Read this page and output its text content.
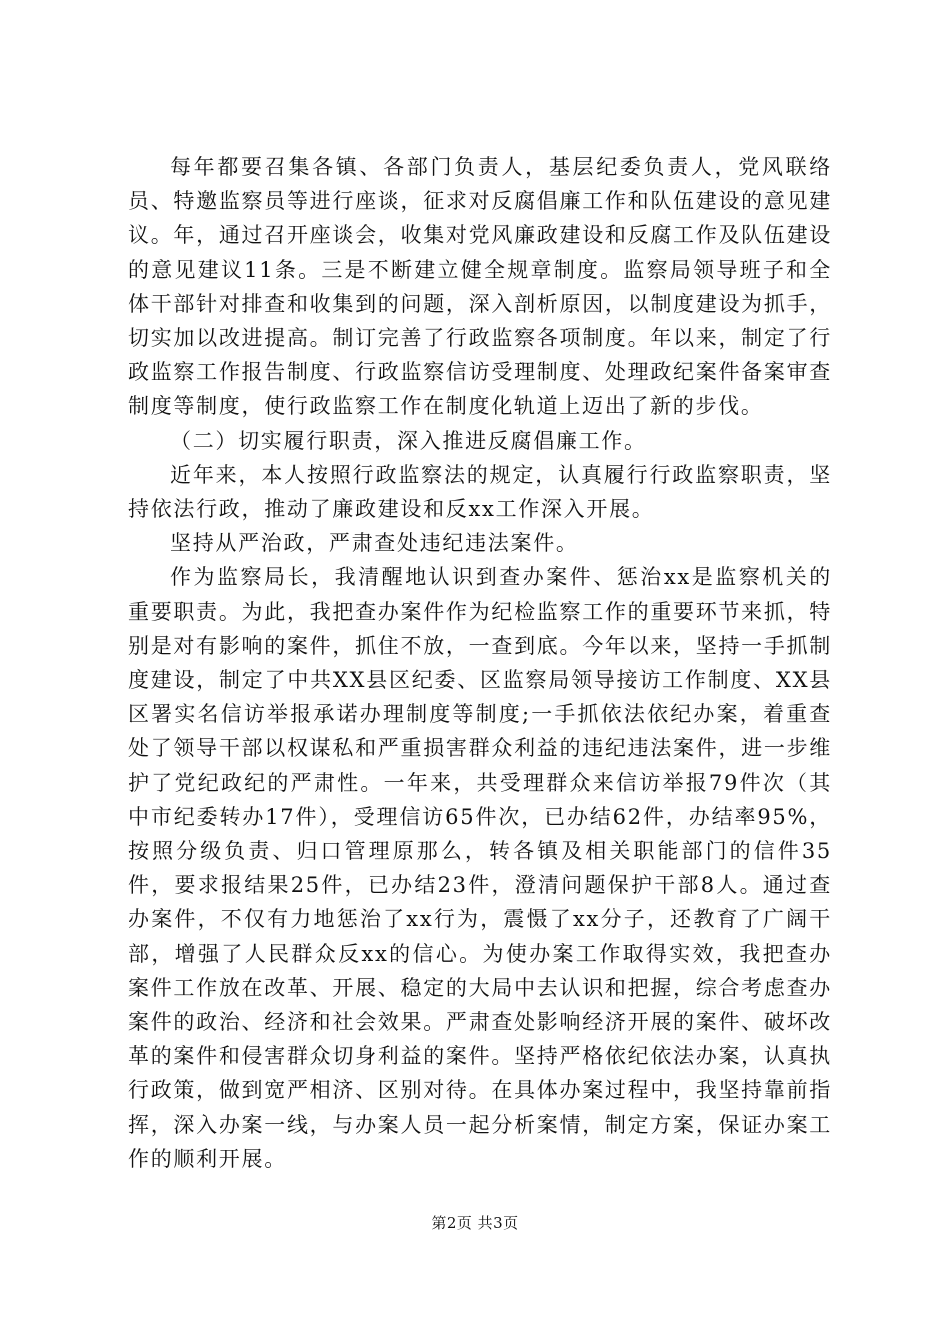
每年都要召集各镇、各部门负责人，基层纪委负责人，党风联络员、特邀监察员等进行座谈，征求对反腐倡廉工作和队伍建设的意见建议。年，通过召开座谈会，收集对党风廉政建设和反腐工作及队伍建设的意见建议11条。三是不断建立健全规章制度。监察局领导班子和全体干部针对排查和收集到的问题，深入剖析原因，以制度建设为抓手，切实加以改进提高。制订完善了行政监察各项制度。年以来，制定了行政监察工作报告制度、行政监察信访受理制度、处理政纪案件备案审查制度等制度，使行政监察工作在制度化轨道上迈出了新的步伐。

（二）切实履行职责，深入推进反腐倡廉工作。

近年来，本人按照行政监察法的规定，认真履行行政监察职责，坚持依法行政，推动了廉政建设和反xx工作深入开展。

坚持从严治政，严肃查处违纪违法案件。

作为监察局长，我清醒地认识到查办案件、惩治xx是监察机关的重要职责。为此，我把查办案件作为纪检监察工作的重要环节来抓，特别是对有影响的案件，抓住不放，一查到底。今年以来，坚持一手抓制度建设，制定了中共XX县区纪委、区监察局领导接访工作制度、XX县区署实名信访举报承诺办理制度等制度;一手抓依法依纪办案，着重查处了领导干部以权谋私和严重损害群众利益的违纪违法案件，进一步维护了党纪政纪的严肃性。一年来，共受理群众来信访举报79件次（其中市纪委转办17件），受理信访65件次，已办结62件，办结率95%，按照分级负责、归口管理原那么，转各镇及相关职能部门的信件35件，要求报结果25件，已办结23件，澄清问题保护干部8人。通过查办案件，不仅有力地惩治了xx行为，震慑了xx分子，还教育了广阔干部，增强了人民群众反xx的信心。为使办案工作取得实效，我把查办案件工作放在改革、开展、稳定的大局中去认识和把握，综合考虑查办案件的政治、经济和社会效果。严肃查处影响经济开展的案件、破坏改革的案件和侵害群众切身利益的案件。坚持严格依纪依法办案，认真执行政策，做到宽严相济、区别对待。在具体办案过程中，我坚持靠前指挥，深入办案一线，与办案人员一起分析案情，制定方案，保证办案工作的顺利开展。

第2页 共3页
